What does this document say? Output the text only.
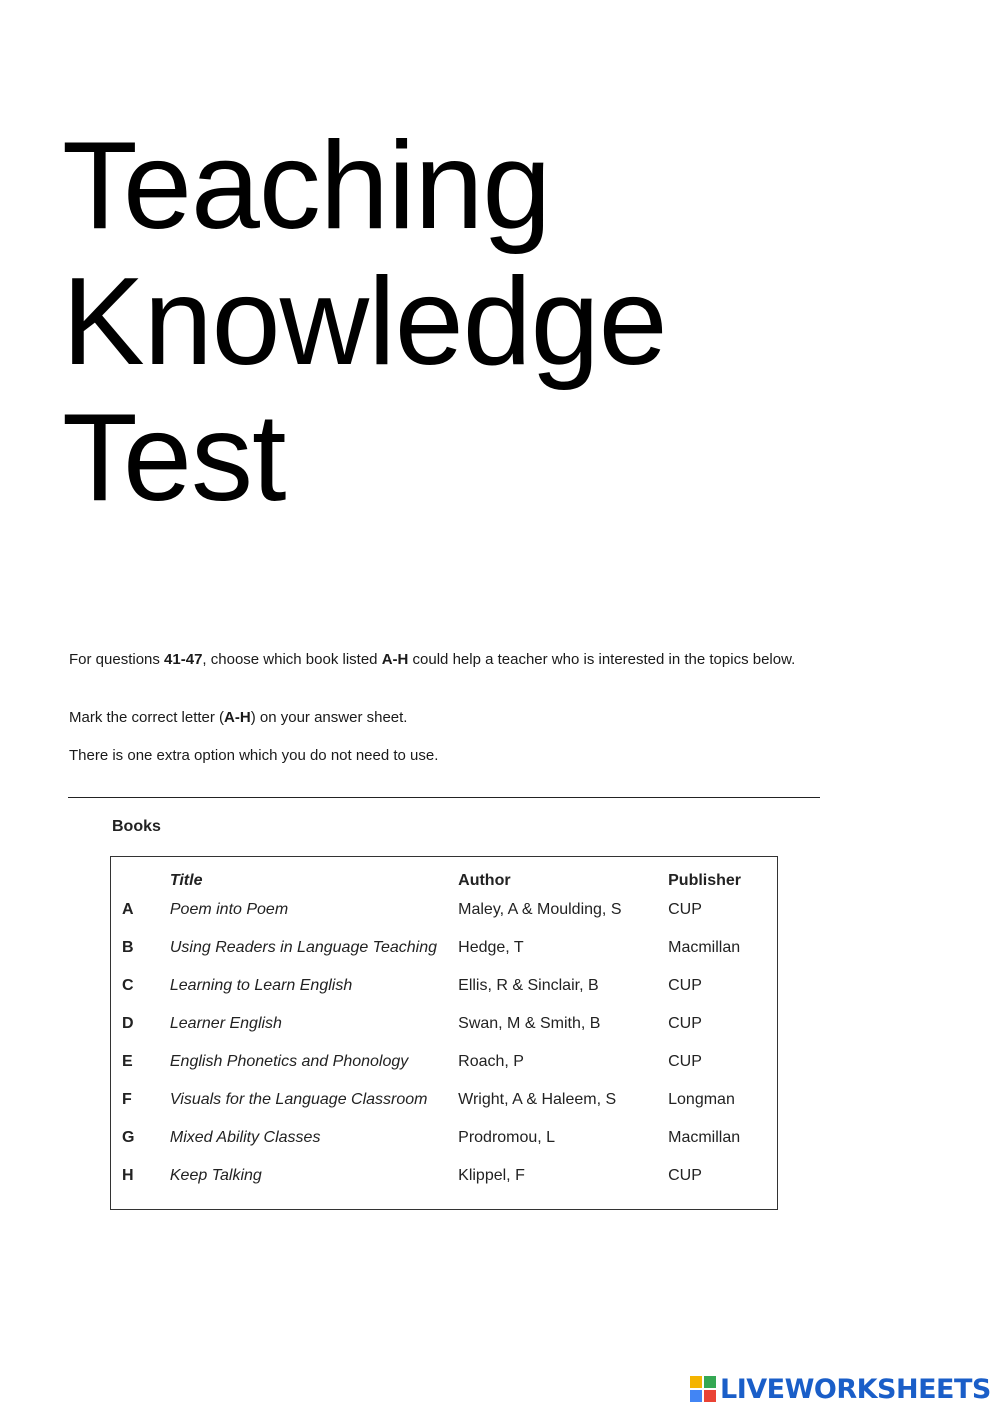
Teaching
Knowledge
Test

For questions 41-47, choose which book listed A-H could help a teacher who is interested in the topics below.

Mark the correct letter (A-H) on your answer sheet.

There is one extra option which you do not need to use.

Books
	Title	Author	Publisher
A	Poem into Poem	Maley, A & Moulding, S	CUP
B	Using Readers in Language Teaching	Hedge, T	Macmillan
C	Learning to Learn English	Ellis, R & Sinclair, B	CUP
D	Learner English	Swan, M & Smith, B	CUP
E	English Phonetics and Phonology	Roach, P	CUP
F	Visuals for the Language Classroom	Wright, A & Haleem, S	Longman
G	Mixed Ability Classes	Prodromou, L	Macmillan
H	Keep Talking	Klippel, F	CUP
LIVEWORKSHEETS
